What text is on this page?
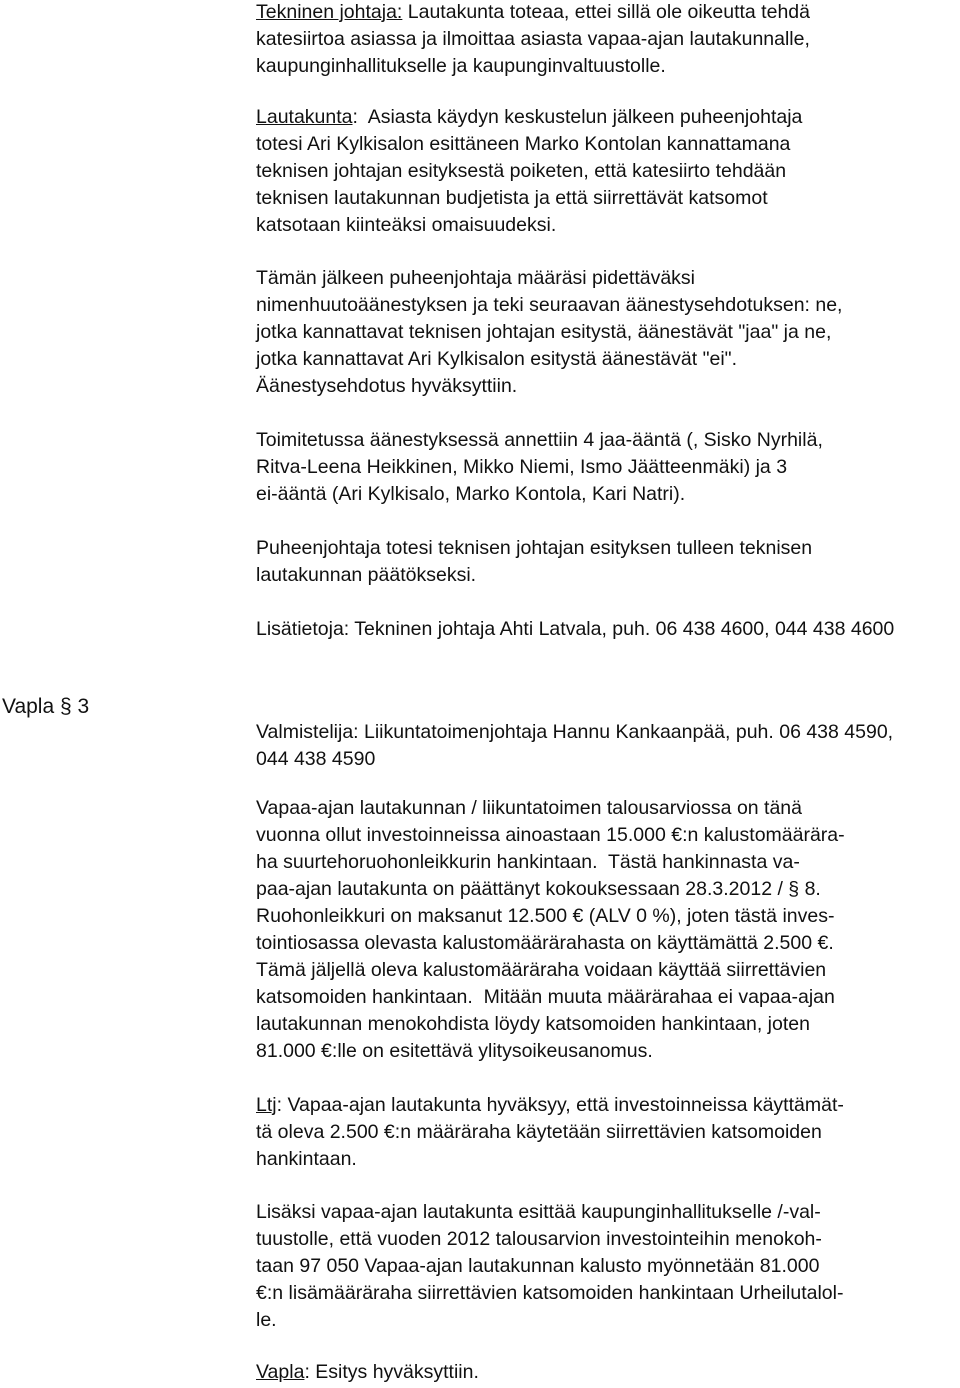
Tekninen johtaja: Lautakunta toteaa, ettei sillä ole oikeutta tehdä
katesiirtoa asiassa ja ilmoittaa asiasta vapaa-ajan lautakunnalle,
kaupunginhallitukselle ja kaupunginvaltuustolle.
Lautakunta:  Asiasta käydyn keskustelun jälkeen puheenjohtaja
totesi Ari Kylkisalon esittäneen Marko Kontolan kannattamana
teknisen johtajan esityksestä poiketen, että katesiirto tehdään
teknisen lautakunnan budjetista ja että siirrettävät katsomot
katsotaan kiinteäksi omaisuudeksi.
Tämän jälkeen puheenjohtaja määräsi pidettäväksi
nimenhuutoäänestyksen ja teki seuraavan äänestysehdotuksen: ne,
jotka kannattavat teknisen johtajan esitystä, äänestävät "jaa" ja ne,
jotka kannattavat Ari Kylkisalon esitystä äänestävät "ei".
Äänestysehdotus hyväksyttiin.
Toimitetussa äänestyksessä annettiin 4 jaa-ääntä (, Sisko Nyrhilä,
Ritva-Leena Heikkinen, Mikko Niemi, Ismo Jäätteenmäki) ja 3
ei-ääntä (Ari Kylkisalo, Marko Kontola, Kari Natri).
Puheenjohtaja totesi teknisen johtajan esityksen tulleen teknisen
lautakunnan päätökseksi.
Lisätietoja: Tekninen johtaja Ahti Latvala, puh. 06 438 4600, 044 438 4600
Vapla § 3
Valmistelija: Liikuntatoimenjohtaja Hannu Kankaanpää, puh. 06 438 4590,
044 438 4590
Vapaa-ajan lautakunnan / liikuntatoimen talousarviossa on tänä
vuonna ollut investoinneissa ainoastaan 15.000 €:n kalustomäärära-
ha suurtehoruohonleikkurin hankintaan.  Tästä hankinnasta va-
paa-ajan lautakunta on päättänyt kokouksessaan 28.3.2012 / § 8.
Ruohonleikkuri on maksanut 12.500 € (ALV 0 %), joten tästä inves-
tointiosassa olevasta kalustomäärärahasta on käyttämättä 2.500 €.
Tämä jäljellä oleva kalustomääräraha voidaan käyttää siirrettävien
katsomoiden hankintaan.  Mitään muuta määrärahaa ei vapaa-ajan
lautakunnan menokohdista löydy katsomoiden hankintaan, joten
81.000 €:lle on esitettävä ylitysoikeusanomus.
Ltj: Vapaa-ajan lautakunta hyväksyy, että investoinneissa käyttämät-
tä oleva 2.500 €:n määräraha käytetään siirrettävien katsomoiden
hankintaan.
Lisäksi vapaa-ajan lautakunta esittää kaupunginhallitukselle /-val-
tuustolle, että vuoden 2012 talousarvion investointeihin menokoh-
taan 97 050 Vapaa-ajan lautakunnan kalusto myönnetään 81.000
€:n lisämääräraha siirrettävien katsomoiden hankintaan Urheilutalol-
le.
Vapla: Esitys hyväksyttiin.
